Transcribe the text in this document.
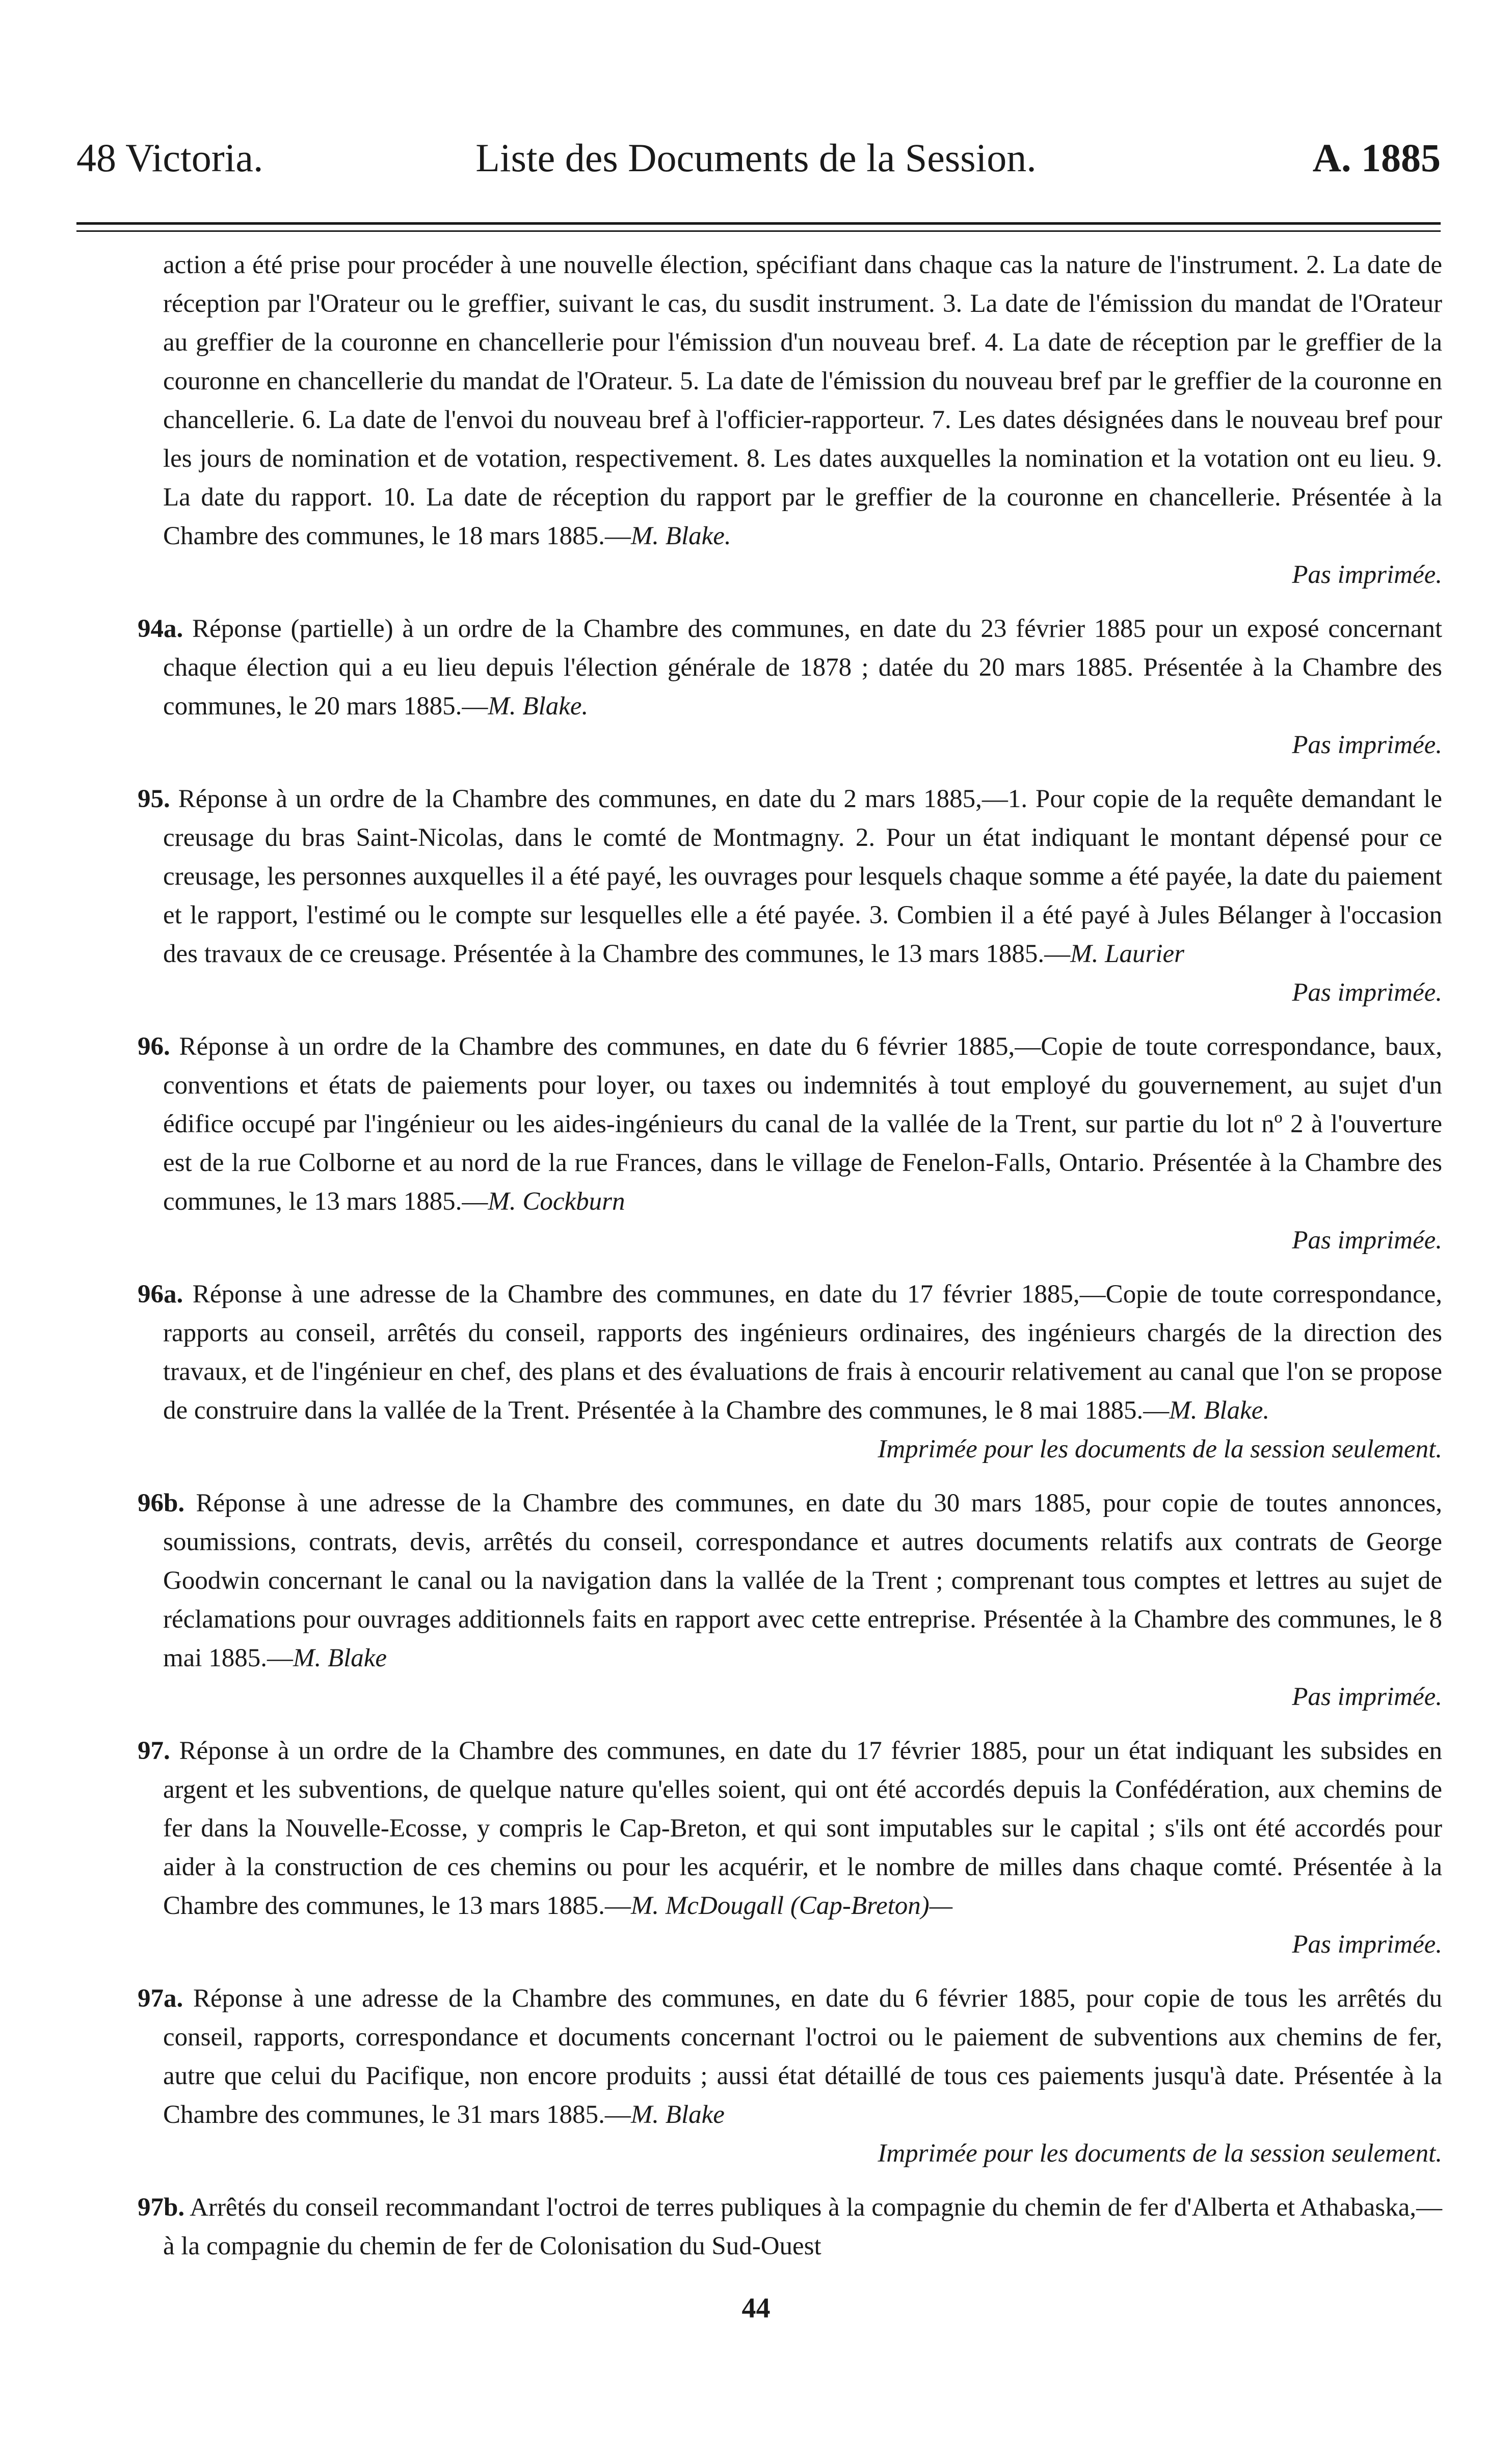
48 Victoria.	Liste des Documents de la Session.	A. 1885

action a été prise pour procéder à une nouvelle élection, spécifiant dans chaque cas la nature de l'instrument. 2. La date de réception par l'Orateur ou le greffier, suivant le cas, du susdit instrument. 3. La date de l'émission du mandat de l'Orateur au greffier de la couronne en chancellerie pour l'émission d'un nouveau bref. 4. La date de réception par le greffier de la couronne en chancellerie du mandat de l'Orateur. 5. La date de l'émission du nouveau bref par le greffier de la couronne en chancellerie. 6. La date de l'envoi du nouveau bref à l'officier-rapporteur. 7. Les dates désignées dans le nouveau bref pour les jours de nomination et de votation, respectivement. 8. Les dates auxquelles la nomination et la votation ont eu lieu. 9. La date du rapport. 10. La date de réception du rapport par le greffier de la couronne en chancellerie. Présentée à la Chambre des communes, le 18 mars 1885.—M. Blake.

Pas imprimée.

94a. Réponse (partielle) à un ordre de la Chambre des communes, en date du 23 février 1885 pour un exposé concernant chaque élection qui a eu lieu depuis l'élection générale de 1878 ; datée du 20 mars 1885. Présentée à la Chambre des communes, le 20 mars 1885.—M. Blake.

Pas imprimée.

95. Réponse à un ordre de la Chambre des communes, en date du 2 mars 1885,—1. Pour copie de la requête demandant le creusage du bras Saint-Nicolas, dans le comté de Montmagny. 2. Pour un état indiquant le montant dépensé pour ce creusage, les personnes auxquelles il a été payé, les ouvrages pour lesquels chaque somme a été payée, la date du paiement et le rapport, l'estimé ou le compte sur lesquelles elle a été payée. 3. Combien il a été payé à Jules Bélanger à l'occasion des travaux de ce creusage. Présentée à la Chambre des communes, le 13 mars 1885.—M. Laurier

Pas imprimée.

96. Réponse à un ordre de la Chambre des communes, en date du 6 février 1885,—Copie de toute correspondance, baux, conventions et états de paiements pour loyer, ou taxes ou indemnités à tout employé du gouvernement, au sujet d'un édifice occupé par l'ingénieur ou les aides-ingénieurs du canal de la vallée de la Trent, sur partie du lot nº 2 à l'ouverture est de la rue Colborne et au nord de la rue Frances, dans le village de Fenelon-Falls, Ontario. Présentée à la Chambre des communes, le 13 mars 1885.—M. Cockburn

Pas imprimée.

96a. Réponse à une adresse de la Chambre des communes, en date du 17 février 1885,—Copie de toute correspondance, rapports au conseil, arrêtés du conseil, rapports des ingénieurs ordinaires, des ingénieurs chargés de la direction des travaux, et de l'ingénieur en chef, des plans et des évaluations de frais à encourir relativement au canal que l'on se propose de construire dans la vallée de la Trent. Présentée à la Chambre des communes, le 8 mai 1885.—M. Blake.

Imprimée pour les documents de la session seulement.

96b. Réponse à une adresse de la Chambre des communes, en date du 30 mars 1885, pour copie de toutes annonces, soumissions, contrats, devis, arrêtés du conseil, correspondance et autres documents relatifs aux contrats de George Goodwin concernant le canal ou la navigation dans la vallée de la Trent ; comprenant tous comptes et lettres au sujet de réclamations pour ouvrages additionnels faits en rapport avec cette entreprise. Présentée à la Chambre des communes, le 8 mai 1885.—M. Blake

Pas imprimée.

97. Réponse à un ordre de la Chambre des communes, en date du 17 février 1885, pour un état indiquant les subsides en argent et les subventions, de quelque nature qu'elles soient, qui ont été accordés depuis la Confédération, aux chemins de fer dans la Nouvelle-Ecosse, y compris le Cap-Breton, et qui sont imputables sur le capital ; s'ils ont été accordés pour aider à la construction de ces chemins ou pour les acquérir, et le nombre de milles dans chaque comté. Présentée à la Chambre des communes, le 13 mars 1885.—M. McDougall (Cap-Breton)—

Pas imprimée.

97a. Réponse à une adresse de la Chambre des communes, en date du 6 février 1885, pour copie de tous les arrêtés du conseil, rapports, correspondance et documents concernant l'octroi ou le paiement de subventions aux chemins de fer, autre que celui du Pacifique, non encore produits ; aussi état détaillé de tous ces paiements jusqu'à date. Présentée à la Chambre des communes, le 31 mars 1885.—M. Blake

Imprimée pour les documents de la session seulement.

97b. Arrêtés du conseil recommandant l'octroi de terres publiques à la compagnie du chemin de fer d'Alberta et Athabaska,—à la compagnie du chemin de fer de Colonisation du Sud-Ouest

44
